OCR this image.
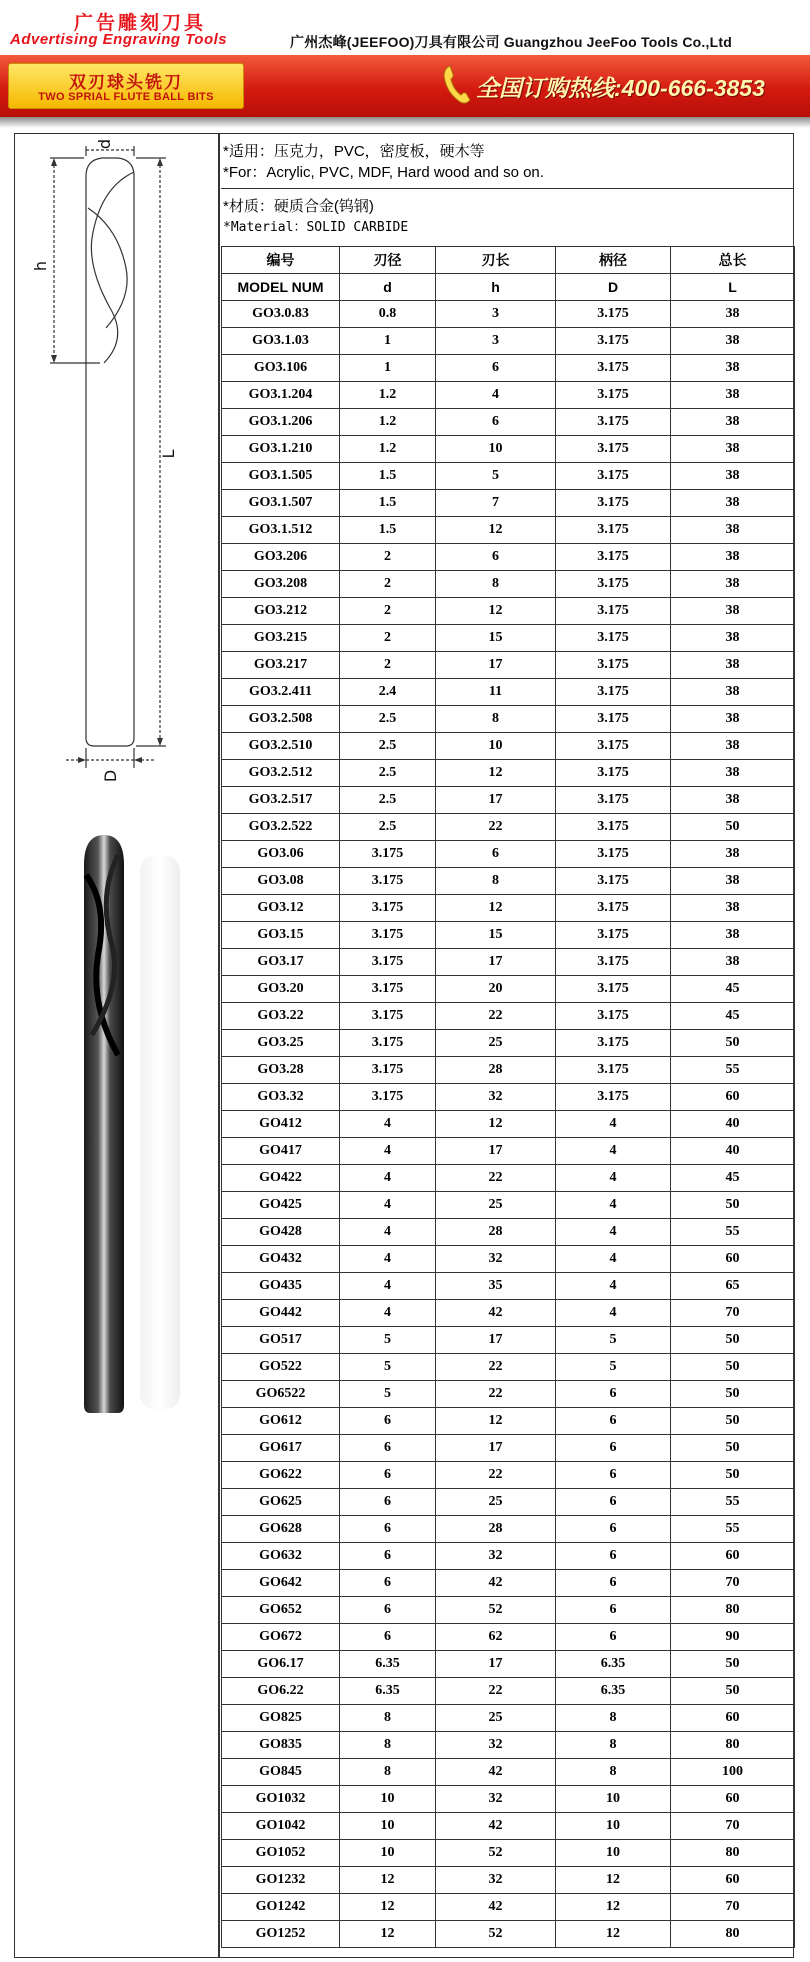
广告雕刻刀具
Advertising Engraving Tools	广州杰峰(JEEFOO)刀具有限公司 Guangzhou JeeFoo Tools Co.,Ltd
双刃球头铣刀
TWO SPRIAL FLUTE BALL BITS	全国订购热线:400-666-3853
d
h
L
D
*适用：压克力，PVC，密度板，硬木等
*For：Acrylic, PVC, MDF, Hard wood and so on.
*材质：硬质合金(钨钢)
*Material：SOLID CARBIDE
编号	刃径	刃长	柄径	总长
MODEL NUM	d	h	D	L
GO3.0.83	0.8	3	3.175	38
GO3.1.03	1	3	3.175	38
GO3.106	1	6	3.175	38
GO3.1.204	1.2	4	3.175	38
GO3.1.206	1.2	6	3.175	38
GO3.1.210	1.2	10	3.175	38
GO3.1.505	1.5	5	3.175	38
GO3.1.507	1.5	7	3.175	38
GO3.1.512	1.5	12	3.175	38
GO3.206	2	6	3.175	38
GO3.208	2	8	3.175	38
GO3.212	2	12	3.175	38
GO3.215	2	15	3.175	38
GO3.217	2	17	3.175	38
GO3.2.411	2.4	11	3.175	38
GO3.2.508	2.5	8	3.175	38
GO3.2.510	2.5	10	3.175	38
GO3.2.512	2.5	12	3.175	38
GO3.2.517	2.5	17	3.175	38
GO3.2.522	2.5	22	3.175	50
GO3.06	3.175	6	3.175	38
GO3.08	3.175	8	3.175	38
GO3.12	3.175	12	3.175	38
GO3.15	3.175	15	3.175	38
GO3.17	3.175	17	3.175	38
GO3.20	3.175	20	3.175	45
GO3.22	3.175	22	3.175	45
GO3.25	3.175	25	3.175	50
GO3.28	3.175	28	3.175	55
GO3.32	3.175	32	3.175	60
GO412	4	12	4	40
GO417	4	17	4	40
GO422	4	22	4	45
GO425	4	25	4	50
GO428	4	28	4	55
GO432	4	32	4	60
GO435	4	35	4	65
GO442	4	42	4	70
GO517	5	17	5	50
GO522	5	22	5	50
GO6522	5	22	6	50
GO612	6	12	6	50
GO617	6	17	6	50
GO622	6	22	6	50
GO625	6	25	6	55
GO628	6	28	6	55
GO632	6	32	6	60
GO642	6	42	6	70
GO652	6	52	6	80
GO672	6	62	6	90
GO6.17	6.35	17	6.35	50
GO6.22	6.35	22	6.35	50
GO825	8	25	8	60
GO835	8	32	8	80
GO845	8	42	8	100
GO1032	10	32	10	60
GO1042	10	42	10	70
GO1052	10	52	10	80
GO1232	12	32	12	60
GO1242	12	42	12	70
GO1252	12	52	12	80
